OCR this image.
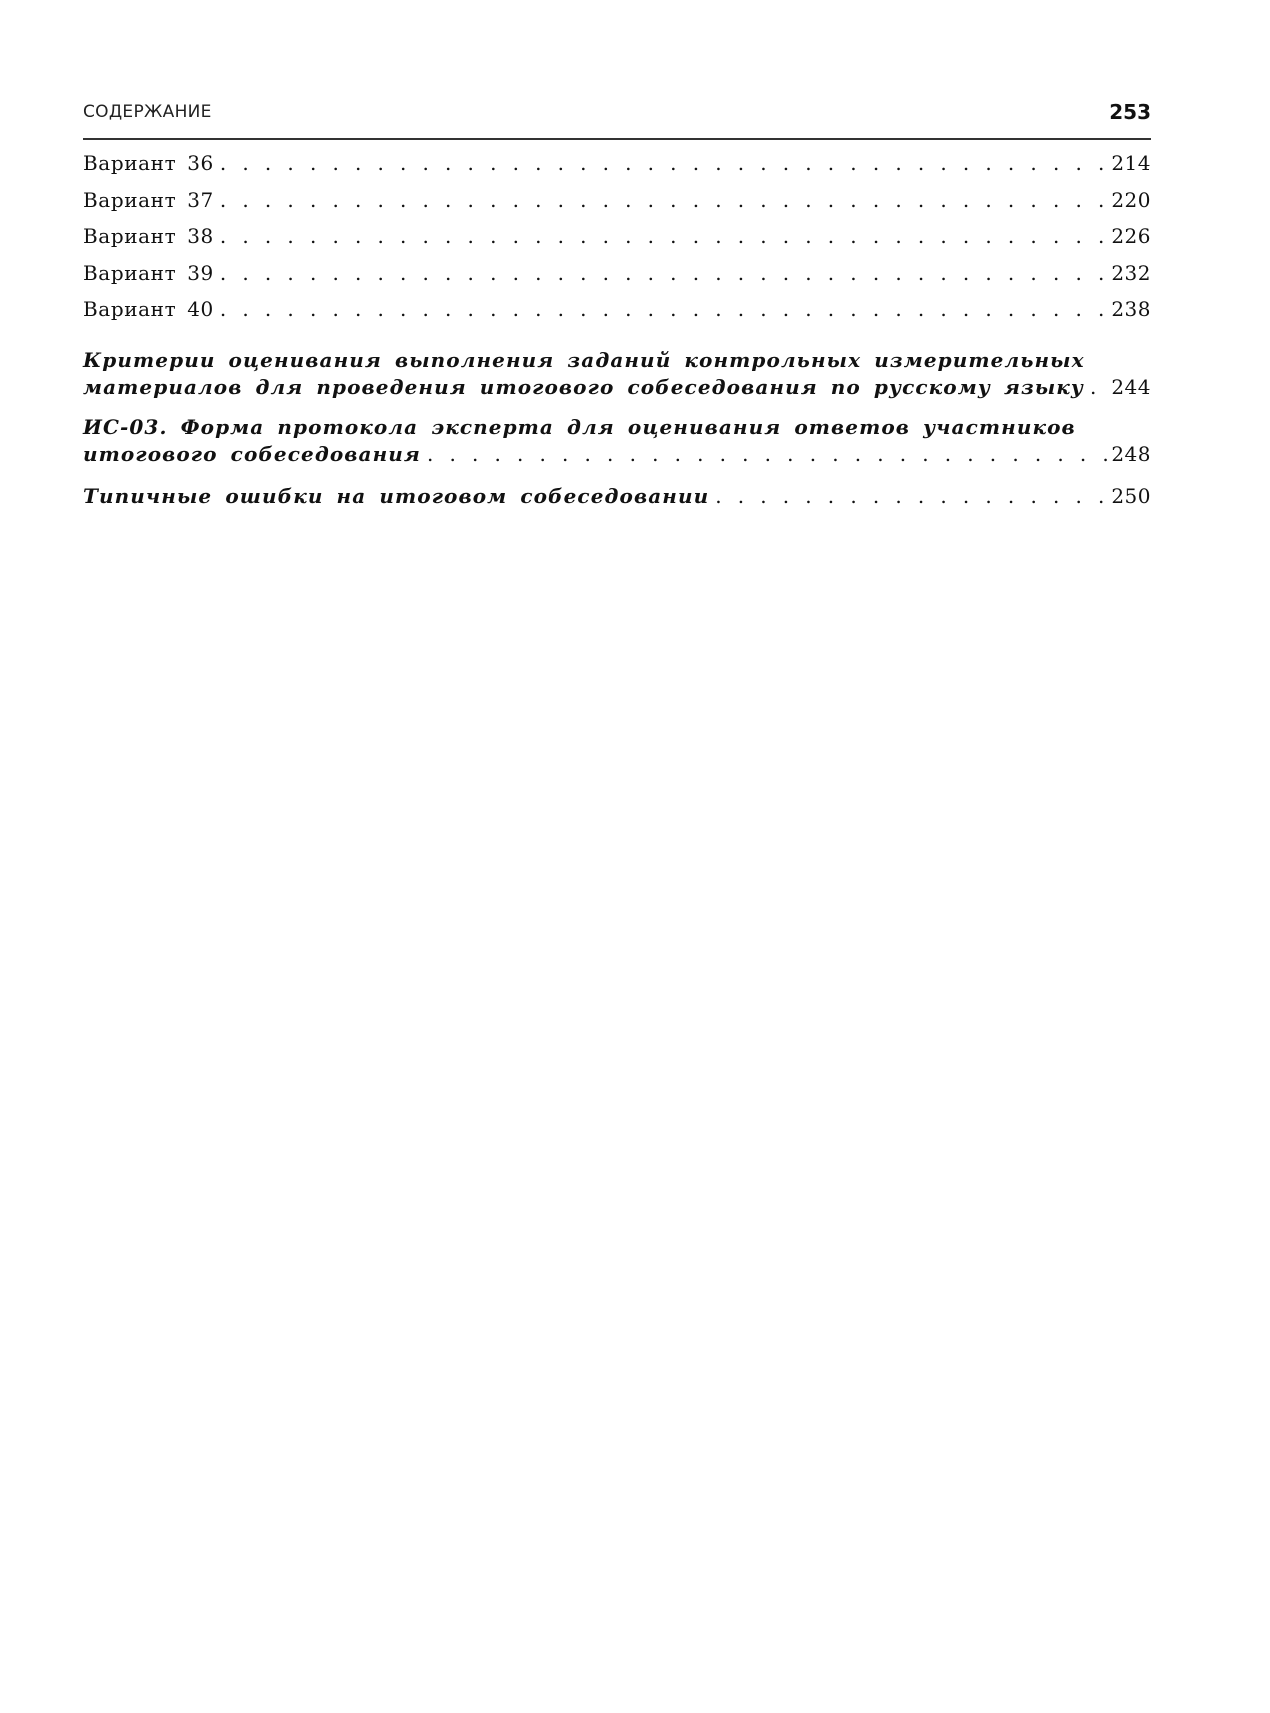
СОДЕРЖАНИЕ	253
Вариант 36 . . .	214
Вариант 37 . . .	220
Вариант 38 . . .	226
Вариант 39 . . .	232
Вариант 40 . . .	238
Критерии оценивания выполнения заданий контрольных измерительных
материалов для проведения итогового собеседования по русскому языку . . . 244
ИС-03. Форма протокола эксперта для оценивания ответов участников
итогового собеседования . . .	248
Типичные ошибки на итоговом собеседовании . . .	250
